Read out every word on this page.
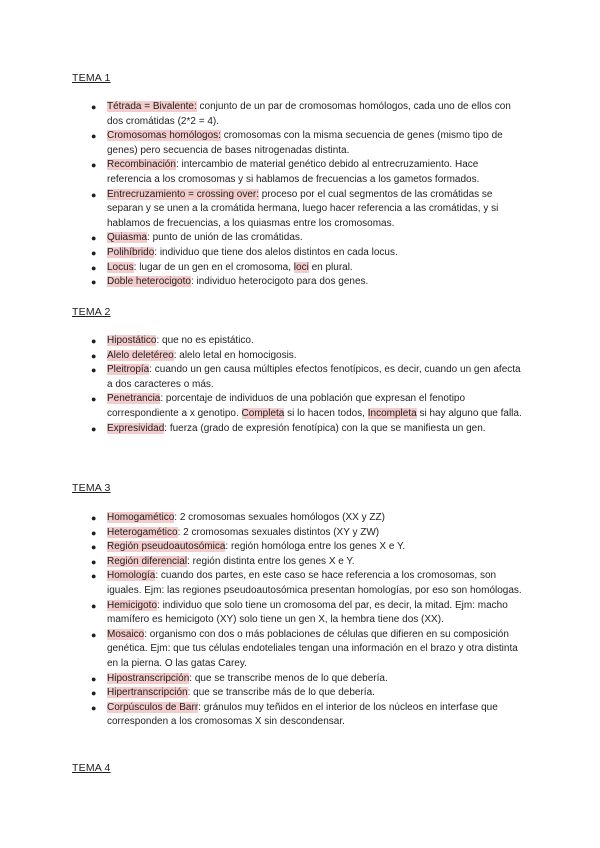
TEMA 1
● Tétrada = Bivalente: conjunto de un par de cromosomas homólogos, cada uno de ellos con dos cromátidas (2*2 = 4).
● Cromosomas homólogos: cromosomas con la misma secuencia de genes (mismo tipo de genes) pero secuencia de bases nitrogenadas distinta.
● Recombinación: intercambio de material genético debido al entrecruzamiento. Hace referencia a los cromosomas y si hablamos de frecuencias a los gametos formados.
● Entrecruzamiento = crossing over: proceso por el cual segmentos de las cromátidas se separan y se unen a la cromátida hermana, luego hacer referencia a las cromátidas, y si hablamos de frecuencias, a los quiasmas entre los cromosomas.
● Quiasma: punto de unión de las cromátidas.
● Polihíbrido: individuo que tiene dos alelos distintos en cada locus.
● Locus: lugar de un gen en el cromosoma, loci en plural.
● Doble heterocigoto: individuo heterocigoto para dos genes.
TEMA 2
● Hipostático: que no es epistático.
● Alelo deletéreo: alelo letal en homocigosis.
● Pleitropía: cuando un gen causa múltiples efectos fenotípicos, es decir, cuando un gen afecta a dos caracteres o más.
● Penetrancia: porcentaje de individuos de una población que expresan el fenotipo correspondiente a x genotipo. Completa si lo hacen todos, Incompleta si hay alguno que falla.
● Expresividad: fuerza (grado de expresión fenotípica) con la que se manifiesta un gen.
TEMA 3
● Homogamético: 2 cromosomas sexuales homólogos (XX y ZZ)
● Heterogamético: 2 cromosomas sexuales distintos (XY y ZW)
● Región pseudoautosómica: región homóloga entre los genes X e Y.
● Región diferencial: región distinta entre los genes X e Y.
● Homología: cuando dos partes, en este caso se hace referencia a los cromosomas, son iguales. Ejm: las regiones pseudoautosómica presentan homologías, por eso son homólogas.
● Hemicigoto: individuo que solo tiene un cromosoma del par, es decir, la mitad. Ejm: macho mamífero es hemicigoto (XY) solo tiene un gen X, la hembra tiene dos (XX).
● Mosaico: organismo con dos o más poblaciones de células que difieren en su composición genética. Ejm: que tus células endoteliales tengan una información en el brazo y otra distinta en la pierna. O las gatas Carey.
● Hipostranscripción: que se transcribe menos de lo que debería.
● Hipertranscripción: que se transcribe más de lo que debería.
● Corpúsculos de Barr: gránulos muy teñidos en el interior de los núcleos en interfase que corresponden a los cromosomas X sin descondensar.
TEMA 4
